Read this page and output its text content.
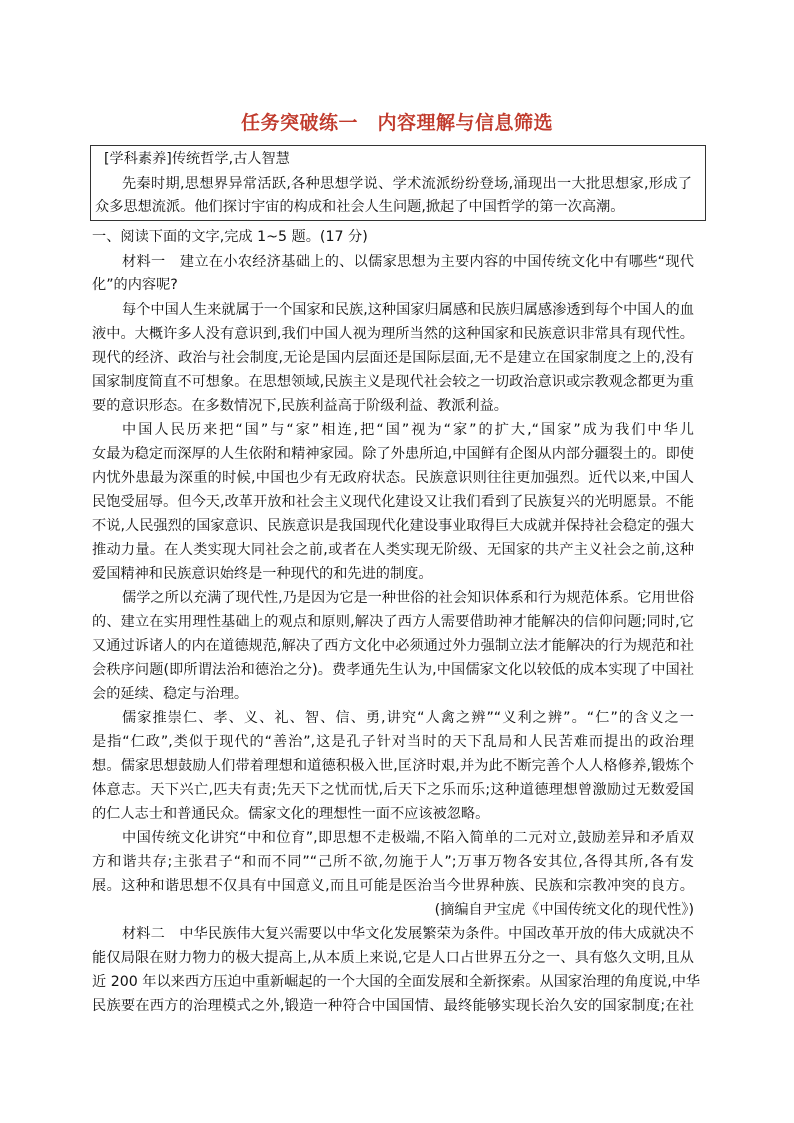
任务突破练一　内容理解与信息筛选
[学科素养]传统哲学,古人智慧
先秦时期,思想界异常活跃,各种思想学说、学术流派纷纷登场,涌现出一大批思想家,形成了
众多思想流派。他们探讨宇宙的构成和社会人生问题,掀起了中国哲学的第一次高潮。
一、阅读下面的文字,完成 1~5 题。(17 分)
材料一　建立在小农经济基础上的、以儒家思想为主要内容的中国传统文化中有哪些“现代
化”的内容呢?
每个中国人生来就属于一个国家和民族,这种国家归属感和民族归属感渗透到每个中国人的血
液中。大概许多人没有意识到,我们中国人视为理所当然的这种国家和民族意识非常具有现代性。
现代的经济、政治与社会制度,无论是国内层面还是国际层面,无不是建立在国家制度之上的,没有
国家制度简直不可想象。在思想领域,民族主义是现代社会较之一切政治意识或宗教观念都更为重
要的意识形态。在多数情况下,民族利益高于阶级利益、教派利益。
中国人民历来把“国”与“家”相连,把“国”视为“家”的扩大,“国家”成为我们中华儿
女最为稳定而深厚的人生依附和精神家园。除了外患所迫,中国鲜有企图从内部分疆裂土的。即使
内忧外患最为深重的时候,中国也少有无政府状态。民族意识则往往更加强烈。近代以来,中国人
民饱受屈辱。但今天,改革开放和社会主义现代化建设又让我们看到了民族复兴的光明愿景。不能
不说,人民强烈的国家意识、民族意识是我国现代化建设事业取得巨大成就并保持社会稳定的强大
推动力量。在人类实现大同社会之前,或者在人类实现无阶级、无国家的共产主义社会之前,这种
爱国精神和民族意识始终是一种现代的和先进的制度。
儒学之所以充满了现代性,乃是因为它是一种世俗的社会知识体系和行为规范体系。它用世俗
的、建立在实用理性基础上的观点和原则,解决了西方人需要借助神才能解决的信仰问题;同时,它
又通过诉诸人的内在道德规范,解决了西方文化中必须通过外力强制立法才能解决的行为规范和社
会秩序问题(即所谓法治和德治之分)。费孝通先生认为,中国儒家文化以较低的成本实现了中国社
会的延续、稳定与治理。
儒家推崇仁、孝、义、礼、智、信、勇,讲究“人禽之辨”“义利之辨”。“仁”的含义之一
是指“仁政”,类似于现代的“善治”,这是孔子针对当时的天下乱局和人民苦难而提出的政治理
想。儒家思想鼓励人们带着理想和道德积极入世,匡济时艰,并为此不断完善个人人格修养,锻炼个
体意志。天下兴亡,匹夫有责;先天下之忧而忧,后天下之乐而乐;这种道德理想曾激励过无数爱国
的仁人志士和普通民众。儒家文化的理想性一面不应该被忽略。
中国传统文化讲究“中和位育”,即思想不走极端,不陷入简单的二元对立,鼓励差异和矛盾双
方和谐共存;主张君子“和而不同”“己所不欲,勿施于人”;万事万物各安其位,各得其所,各有发
展。这种和谐思想不仅具有中国意义,而且可能是医治当今世界种族、民族和宗教冲突的良方。
(摘编自尹宝虎《中国传统文化的现代性》)
材料二　中华民族伟大复兴需要以中华文化发展繁荣为条件。中国改革开放的伟大成就决不
能仅局限在财力物力的极大提高上,从本质上来说,它是人口占世界五分之一、具有悠久文明,且从
近 200 年以来西方压迫中重新崛起的一个大国的全面发展和全新探索。从国家治理的角度说,中华
民族要在西方的治理模式之外,锻造一种符合中国国情、最终能够实现长治久安的国家制度;在社
